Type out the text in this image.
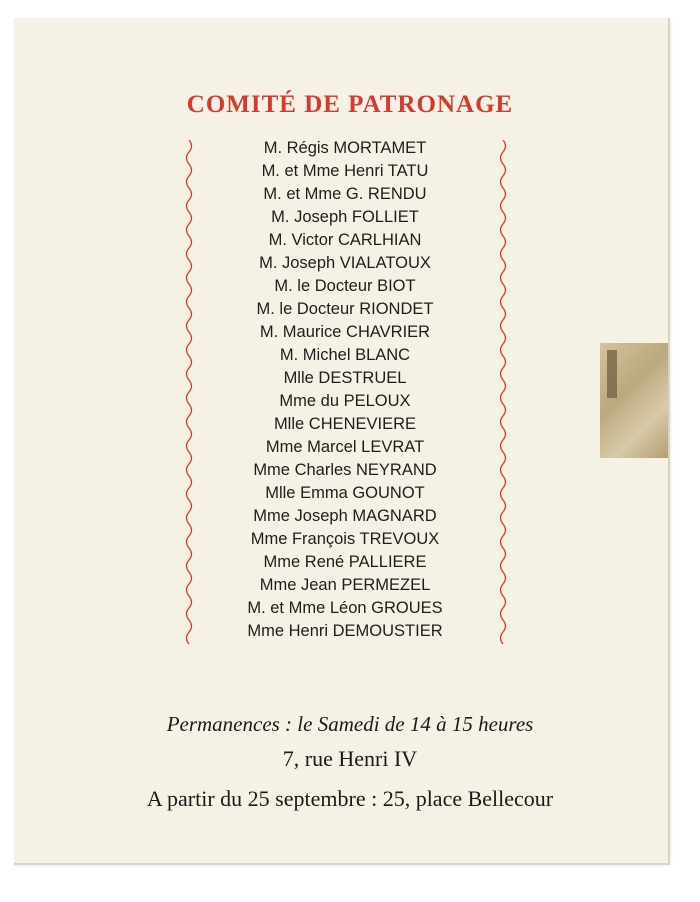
COMITÉ DE PATRONAGE
M. Régis MORTAMET
M. et Mme Henri TATU
M. et Mme G. RENDU
M. Joseph FOLLIET
M. Victor CARLHIAN
M. Joseph VIALATOUX
M. le Docteur BIOT
M. le Docteur RIONDET
M. Maurice CHAVRIER
M. Michel BLANC
Mlle DESTRUEL
Mme du PELOUX
Mlle CHENEVIERE
Mme Marcel LEVRAT
Mme Charles NEYRAND
Mlle Emma GOUNOT
Mme Joseph MAGNARD
Mme François TREVOUX
Mme René PALLIERE
Mme Jean PERMEZEL
M. et Mme Léon GROUES
Mme Henri DEMOUSTIER

Permanences : le Samedi de 14 à 15 heures

7, rue Henri IV

A partir du 25 septembre : 25, place Bellecour
